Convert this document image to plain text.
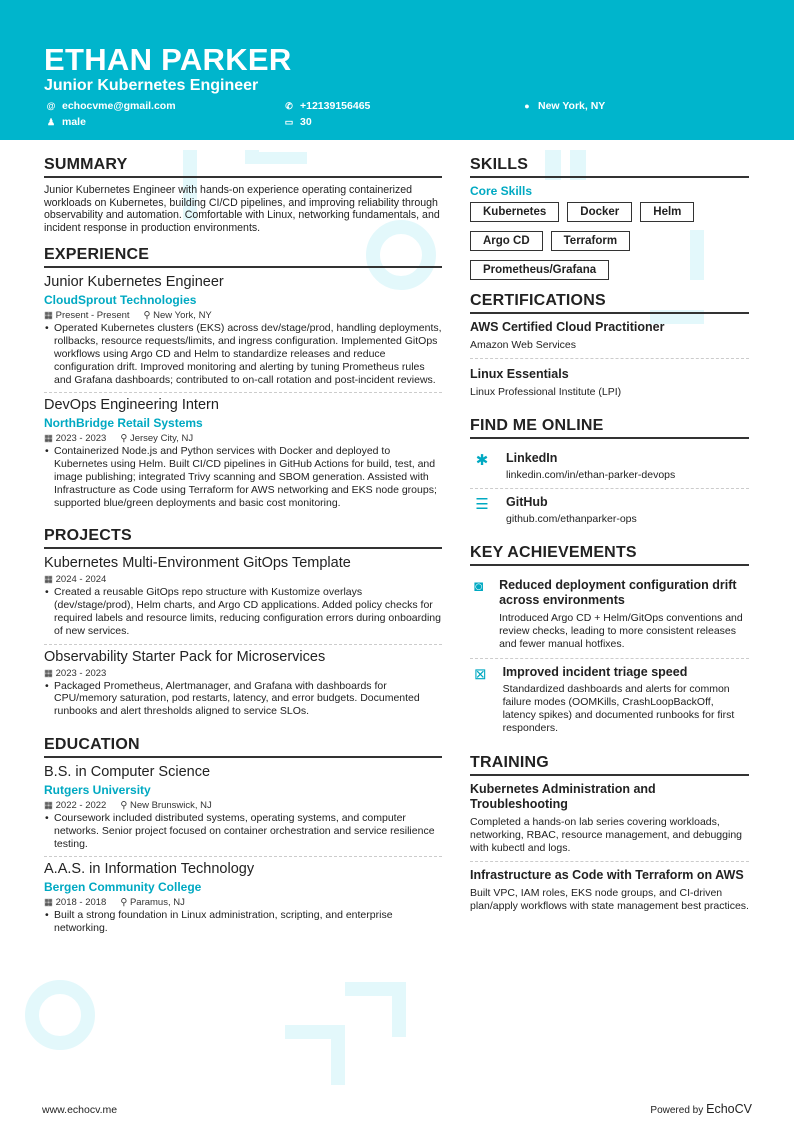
ETHAN PARKER
Junior Kubernetes Engineer
@ echocvme@gmail.com	✆ +12139156465	● New York, NY
♟ male	▭ 30
SUMMARY

Junior Kubernetes Engineer with hands-on experience operating containerized workloads on Kubernetes, building CI/CD pipelines, and improving reliability through observability and automation. Comfortable with Linux, networking fundamentals, and incident response in production environments.

EXPERIENCE
Junior Kubernetes Engineer
CloudSprout Technologies
▦ Present - Present ⚲ New York, NY
• Operated Kubernetes clusters (EKS) across dev/stage/prod, handling deployments, rollbacks, resource requests/limits, and ingress configuration. Implemented GitOps workflows using Argo CD and Helm to standardize releases and reduce configuration drift. Improved monitoring and alerting by tuning Prometheus rules and Grafana dashboards; contributed to on-call rotation and post-incident reviews.
DevOps Engineering Intern
NorthBridge Retail Systems
▦ 2023 - 2023 ⚲ Jersey City, NJ
• Containerized Node.js and Python services with Docker and deployed to Kubernetes using Helm. Built CI/CD pipelines in GitHub Actions for build, test, and image publishing; integrated Trivy scanning and SBOM generation. Assisted with Infrastructure as Code using Terraform for AWS networking and EKS node groups; supported blue/green deployments and basic cost monitoring.
PROJECTS
Kubernetes Multi-Environment GitOps Template
▦ 2024 - 2024
• Created a reusable GitOps repo structure with Kustomize overlays (dev/stage/prod), Helm charts, and Argo CD applications. Added policy checks for required labels and resource limits, reducing configuration errors during onboarding of new services.
Observability Starter Pack for Microservices
▦ 2023 - 2023
• Packaged Prometheus, Alertmanager, and Grafana with dashboards for CPU/memory saturation, pod restarts, latency, and error budgets. Documented runbooks and alert thresholds aligned to service SLOs.
EDUCATION
B.S. in Computer Science
Rutgers University
▦ 2022 - 2022 ⚲ New Brunswick, NJ
• Coursework included distributed systems, operating systems, and computer networks. Senior project focused on container orchestration and service resilience testing.
A.A.S. in Information Technology
Bergen Community College
▦ 2018 - 2018 ⚲ Paramus, NJ
• Built a strong foundation in Linux administration, scripting, and enterprise networking.
SKILLS
Core Skills
Kubernetes	Docker	Helm
Argo CD	Terraform
Prometheus/Grafana
CERTIFICATIONS
AWS Certified Cloud Practitioner
Amazon Web Services
Linux Essentials
Linux Professional Institute (LPI)
FIND ME ONLINE
✱ LinkedIn
linkedin.com/in/ethan-parker-devops
☰ GitHub
github.com/ethanparker-ops
KEY ACHIEVEMENTS
◙ Reduced deployment configuration drift across environments

Introduced Argo CD + Helm/GitOps conventions and review checks, leading to more consistent releases and fewer manual hotfixes.

⊠ Improved incident triage speed

Standardized dashboards and alerts for common failure modes (OOMKills, CrashLoopBackOff, latency spikes) and documented runbooks for first responders.

TRAINING
Kubernetes Administration and Troubleshooting

Completed a hands-on lab series covering workloads, networking, RBAC, resource management, and debugging with kubectl and logs.

Infrastructure as Code with Terraform on AWS

Built VPC, IAM roles, EKS node groups, and CI-driven plan/apply workflows with state management best practices.

www.echocv.me	Powered by EchoCV
